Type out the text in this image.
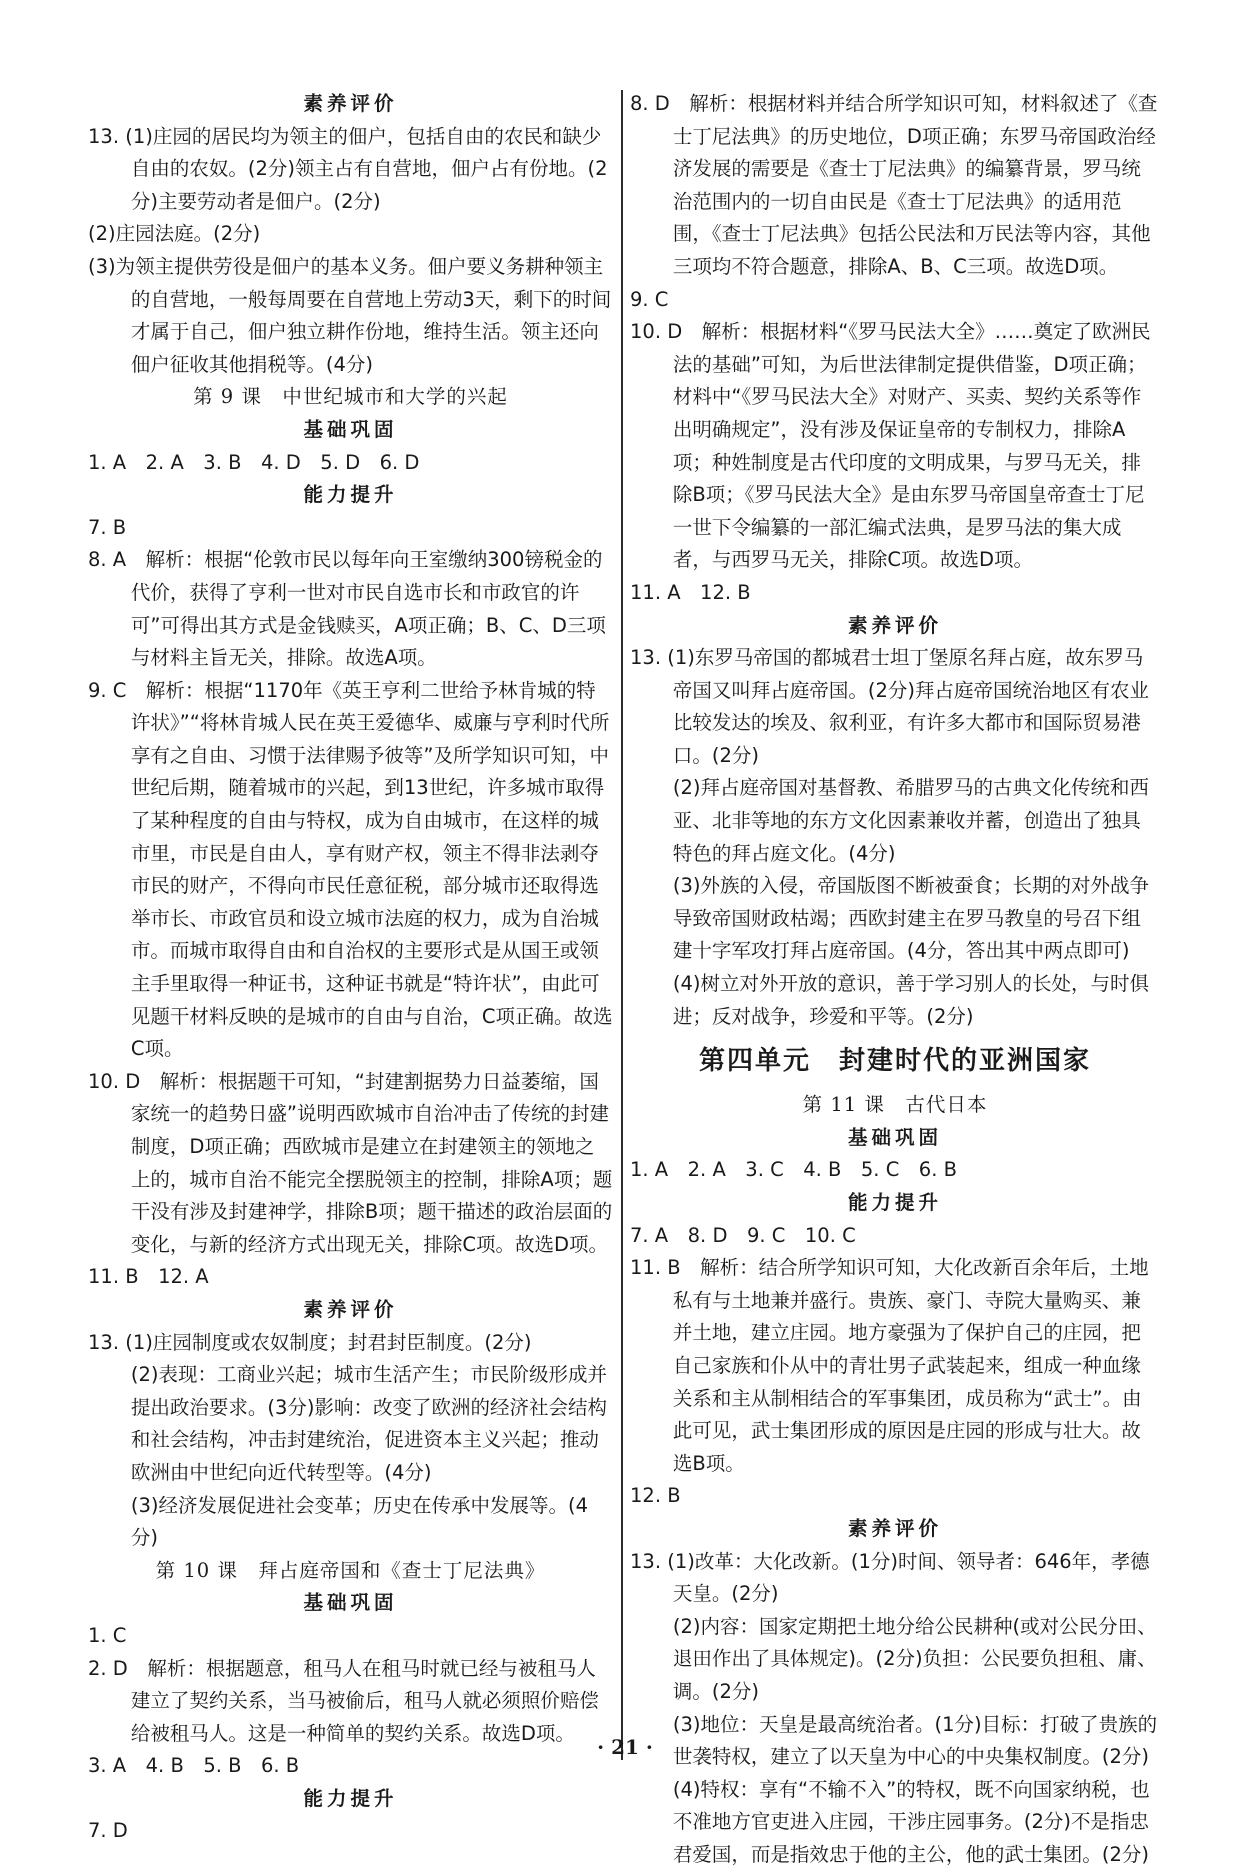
素养评价
13. (1)庄园的居民均为领主的佃户，包括自由的农民和缺少自由的农奴。(2分)领主占有自营地，佃户占有份地。(2分)主要劳动者是佃户。(2分)
(2)庄园法庭。(2分)
(3)为领主提供劳役是佃户的基本义务。佃户要义务耕种领主的自营地，一般每周要在自营地上劳动3天，剩下的时间才属于自己，佃户独立耕作份地，维持生活。领主还向佃户征收其他捐税等。(4分)
第 9 课　中世纪城市和大学的兴起
基础巩固
1. A　2. A　3. B　4. D　5. D　6. D
能力提升
7. B
8. A　解析：根据“伦敦市民以每年向王室缴纳300镑税金的代价，获得了亨利一世对市民自选市长和市政官的许可”可得出其方式是金钱赎买，A项正确；B、C、D三项与材料主旨无关，排除。故选A项。
9. C　解析：根据“1170年《英王亨利二世给予林肯城的特许状》”“将林肯城人民在英王爱德华、威廉与亨利时代所享有之自由、习惯于法律赐予彼等”及所学知识可知，中世纪后期，随着城市的兴起，到13世纪，许多城市取得了某种程度的自由与特权，成为自由城市，在这样的城市里，市民是自由人，享有财产权，领主不得非法剥夺市民的财产，不得向市民任意征税，部分城市还取得选举市长、市政官员和设立城市法庭的权力，成为自治城市。而城市取得自由和自治权的主要形式是从国王或领主手里取得一种证书，这种证书就是“特许状”，由此可见题干材料反映的是城市的自由与自治，C项正确。故选C项。
10. D　解析：根据题干可知，“封建割据势力日益萎缩，国家统一的趋势日盛”说明西欧城市自治冲击了传统的封建制度，D项正确；西欧城市是建立在封建领主的领地之上的，城市自治不能完全摆脱领主的控制，排除A项；题干没有涉及封建神学，排除B项；题干描述的政治层面的变化，与新的经济方式出现无关，排除C项。故选D项。
11. B　12. A
素养评价
13. (1)庄园制度或农奴制度；封君封臣制度。(2分)
(2)表现：工商业兴起；城市生活产生；市民阶级形成并提出政治要求。(3分)影响：改变了欧洲的经济社会结构和社会结构，冲击封建统治，促进资本主义兴起；推动欧洲由中世纪向近代转型等。(4分)
(3)经济发展促进社会变革；历史在传承中发展等。(4分)
第 10 课　拜占庭帝国和《查士丁尼法典》
基础巩固
1. C
2. D　解析：根据题意，租马人在租马时就已经与被租马人建立了契约关系，当马被偷后，租马人就必须照价赔偿给被租马人。这是一种简单的契约关系。故选D项。
3. A　4. B　5. B　6. B
能力提升
7. D
8. D　解析：根据材料并结合所学知识可知，材料叙述了《查士丁尼法典》的历史地位，D项正确；东罗马帝国政治经济发展的需要是《查士丁尼法典》的编纂背景，罗马统治范围内的一切自由民是《查士丁尼法典》的适用范围，《查士丁尼法典》包括公民法和万民法等内容，其他三项均不符合题意，排除A、B、C三项。故选D项。
9. C
10. D　解析：根据材料“《罗马民法大全》……奠定了欧洲民法的基础”可知，为后世法律制定提供借鉴，D项正确；材料中“《罗马民法大全》对财产、买卖、契约关系等作出明确规定”，没有涉及保证皇帝的专制权力，排除A项；种姓制度是古代印度的文明成果，与罗马无关，排除B项；《罗马民法大全》是由东罗马帝国皇帝查士丁尼一世下令编纂的一部汇编式法典，是罗马法的集大成者，与西罗马无关，排除C项。故选D项。
11. A　12. B
素养评价
13. (1)东罗马帝国的都城君士坦丁堡原名拜占庭，故东罗马帝国又叫拜占庭帝国。(2分)拜占庭帝国统治地区有农业比较发达的埃及、叙利亚，有许多大都市和国际贸易港口。(2分)
(2)拜占庭帝国对基督教、希腊罗马的古典文化传统和西亚、北非等地的东方文化因素兼收并蓄，创造出了独具特色的拜占庭文化。(4分)
(3)外族的入侵，帝国版图不断被蚕食；长期的对外战争导致帝国财政枯竭；西欧封建主在罗马教皇的号召下组建十字军攻打拜占庭帝国。(4分，答出其中两点即可)
(4)树立对外开放的意识，善于学习别人的长处，与时俱进；反对战争，珍爱和平等。(2分)
第四单元　封建时代的亚洲国家
第 11 课　古代日本
基础巩固
1. A　2. A　3. C　4. B　5. C　6. B
能力提升
7. A　8. D　9. C　10. C
11. B　解析：结合所学知识可知，大化改新百余年后，土地私有与土地兼并盛行。贵族、豪门、寺院大量购买、兼并土地，建立庄园。地方豪强为了保护自己的庄园，把自己家族和仆从中的青壮男子武装起来，组成一种血缘关系和主从制相结合的军事集团，成员称为“武士”。由此可见，武士集团形成的原因是庄园的形成与壮大。故选B项。
12. B
素养评价
13. (1)改革：大化改新。(1分)时间、领导者：646年，孝德天皇。(2分)
(2)内容：国家定期把土地分给公民耕种(或对公民分田、退田作出了具体规定)。(2分)负担：公民要负担租、庸、调。(2分)
(3)地位：天皇是最高统治者。(1分)目标：打破了贵族的世袭特权，建立了以天皇为中心的中央集权制度。(2分)
(4)特权：享有“不输不入”的特权，既不向国家纳税，也不准地方官吏进入庄园，干涉庄园事务。(2分)不是指忠君爱国，而是指效忠于他的主公，他的武士集团。(2分)
· 21 ·
